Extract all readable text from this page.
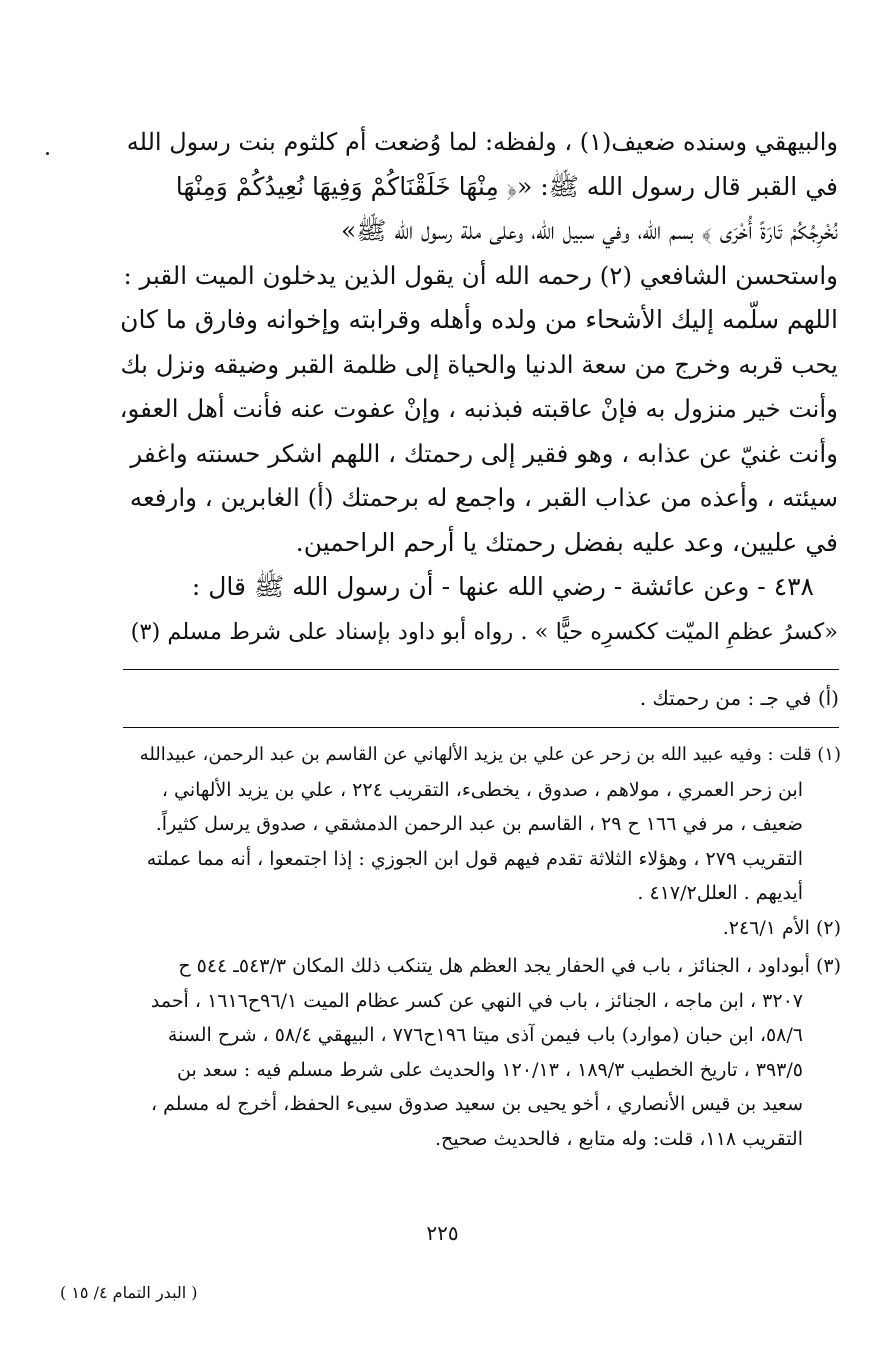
والبيهقي وسنده ضعيف(١) ، ولفظه: لما وُضعت أم كلثوم بنت رسول الله
في القبر قال رسول الله ﷺ: «﴿ مِنْهَا خَلَقْنَاكُمْ وَفِيهَا نُعِيدُكُمْ وَمِنْهَا
نُخْرِجُكُمْ تَارَةً أُخْرَى ﴾ بسم الله، وفي سبيل الله، وعلى ملة رسول الله ﷺ»
واستحسن الشافعي (٢) رحمه الله أن يقول الذين يدخلون الميت القبر :
اللهم سلّمه إليك الأشحاء من ولده وأهله وقرابته وإخوانه وفارق ما كان
يحب قربه وخرج من سعة الدنيا والحياة إلى ظلمة القبر وضيقه ونزل بك
وأنت خير منزول به فإنْ عاقبته فبذنبه ، وإنْ عفوت عنه فأنت أهل العفو،
وأنت غنيّ عن عذابه ، وهو فقير إلى رحمتك ، اللهم اشكر حسنته واغفر
سيئته ، وأعذه من عذاب القبر ، واجمع له برحمتك (أ) الغابرين ، وارفعه
في عليين، وعد عليه بفضل رحمتك يا أرحم الراحمين.
٤٣٨ - وعن عائشة - رضي الله عنها - أن رسول الله ﷺ قال :
«كسرُ عظمِ الميّت ككسرِه حيًّا » . رواه أبو داود بإسناد على شرط مسلم (٣)
(أ) في جـ : من رحمتك .
(١) قلت : وفيه عبيد الله بن زحر عن علي بن يزيد الألهاني عن القاسم بن عبد الرحمن، عبيدالله
ابن زحر العمري ، مولاهم ، صدوق ، يخطىء، التقريب ٢٢٤ ، علي بن يزيد الألهاني ،
ضعيف ، مر في ١٦٦ ح ٢٩ ، القاسم بن عبد الرحمن الدمشقي ، صدوق يرسل كثيراً.
التقريب ٢٧٩ ، وهؤلاء الثلاثة تقدم فيهم قول ابن الجوزي : إذا اجتمعوا ، أنه مما عملته
أيديهم . العلل٤١٧/٢ .
(٢) الأم ٢٤٦/١.
(٣) أبوداود ، الجنائز ، باب في الحفار يجد العظم هل يتنكب ذلك المكان ٥٤٣/٣ـ ٥٤٤ ح
٣٢٠٧ ، ابن ماجه ، الجنائز ، باب في النهي عن كسر عظام الميت ٩٦/١ح١٦١٦ ، أحمد
٥٨/٦، ابن حبان (موارد) باب فيمن آذى ميتا ١٩٦ح٧٧٦ ، البيهقي ٥٨/٤ ، شرح السنة
٣٩٣/٥ ، تاريخ الخطيب ١٨٩/٣ ، ١٢٠/١٣ والحديث على شرط مسلم فيه : سعد بن
سعيد بن قيس الأنصاري ، أخو يحيى بن سعيد صدوق سيىء الحفظ، أخرج له مسلم ،
التقريب ١١٨، قلت: وله متابع ، فالحديث صحيح.
٢٢٥
( البدر التمام ٤/ ١٥ )
